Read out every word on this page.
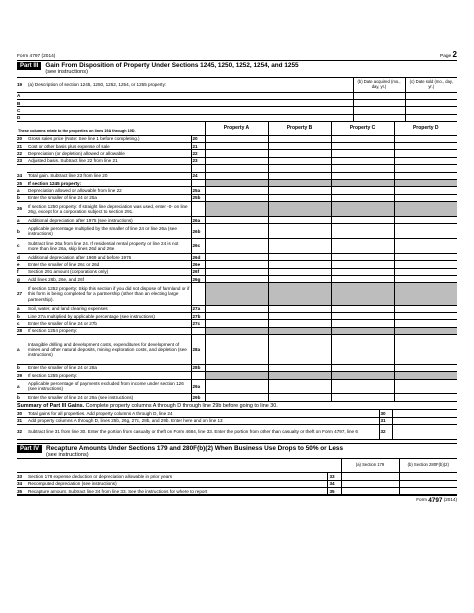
Form 4797 (2014)	Page 2
Part III	Gain From Disposition of Property Under Sections 1245, 1250, 1252, 1254, and 1255
(see instructions)
19	(a) Description of section 1245, 1250, 1252, 1254, or 1255 property:	(b) Date acquired (mo., day, yr.)	(c) Date sold (mo., day, yr.)
A			
B			
C			
D			
These columns relate to the properties on lines 19A through 19D.			Property A	Property B	Property C	Property D
20	Gross sales price (Note: See line 1 before completing.)	20				
21	Cost or other basis plus expense of sale	21				
22	Depreciation (or depletion) allowed or allowable	22				
23	Adjusted basis. Subtract line 22 from line 21	23				

24	Total gain. Subtract line 23 from line 20	24				
25	If section 1245 property:					
a	Depreciation allowed or allowable from line 22	25a				
b	Enter the smaller of line 24 or 25a	25b				
26	If section 1250 property: If straight line depreciation was used, enter -0- on line 26g, except for a corporation subject to section 291.					
a	Additional depreciation after 1975 (see instructions)	26a				
b	Applicable percentage multiplied by the smaller of line 24 or line 26a (see instructions)	26b				
c	Subtract line 26a from line 24. If residential rental property or line 24 is not more than line 26a, skip lines 26d and 26e	26c				
d	Additional depreciation after 1969 and before 1976	26d				
e	Enter the smaller of line 26c or 26d	26e				
f	Section 291 amount (corporations only)	26f				
g	Add lines 26b, 26e, and 26f	26g				
27	If section 1252 property: Skip this section if you did not dispose of farmland or if this form is being completed for a partnership (other than an electing large partnership).					
a	Soil, water, and land clearing expenses	27a				
b	Line 27a multiplied by applicable percentage (see instructions)	27b				
c	Enter the smaller of line 24 or 27b	27c				
28	If section 1254 property:					
a	Intangible drilling and development costs, expenditures for development of mines and other natural deposits, mining exploration costs, and depletion (see instructions)	28a				
b	Enter the smaller of line 24 or 28a	28b				
29	If section 1255 property:					
a	Applicable percentage of payments excluded from income under section 126 (see instructions)	29a				
b	Enter the smaller of line 24 or 29a (see instructions)	29b				
Summary of Part III Gains. Complete property columns A through D through line 29b before going to line 30.
30	Total gains for all properties. Add property columns A through D, line 24	30	
31	Add property columns A through D, lines 25b, 26g, 27c, 28b, and 29b. Enter here and on line 13	31	
32	Subtract line 31 from line 30. Enter the portion from casualty or theft on Form 4684, line 33. Enter the portion from other than casualty or theft on Form 4797, line 6	32	
Part IV	Recapture Amounts Under Sections 179 and 280F(b)(2) When Business Use Drops to 50% or Less
(see instructions)
			(a) Section 179	(b) Section 280F(b)(2)
33	Section 179 expense deduction or depreciation allowable in prior years	33		
34	Recomputed depreciation (see instructions)	34		
35	Recapture amount. Subtract line 34 from line 33. See the instructions for where to report	35		
Form
4797
(2014)
